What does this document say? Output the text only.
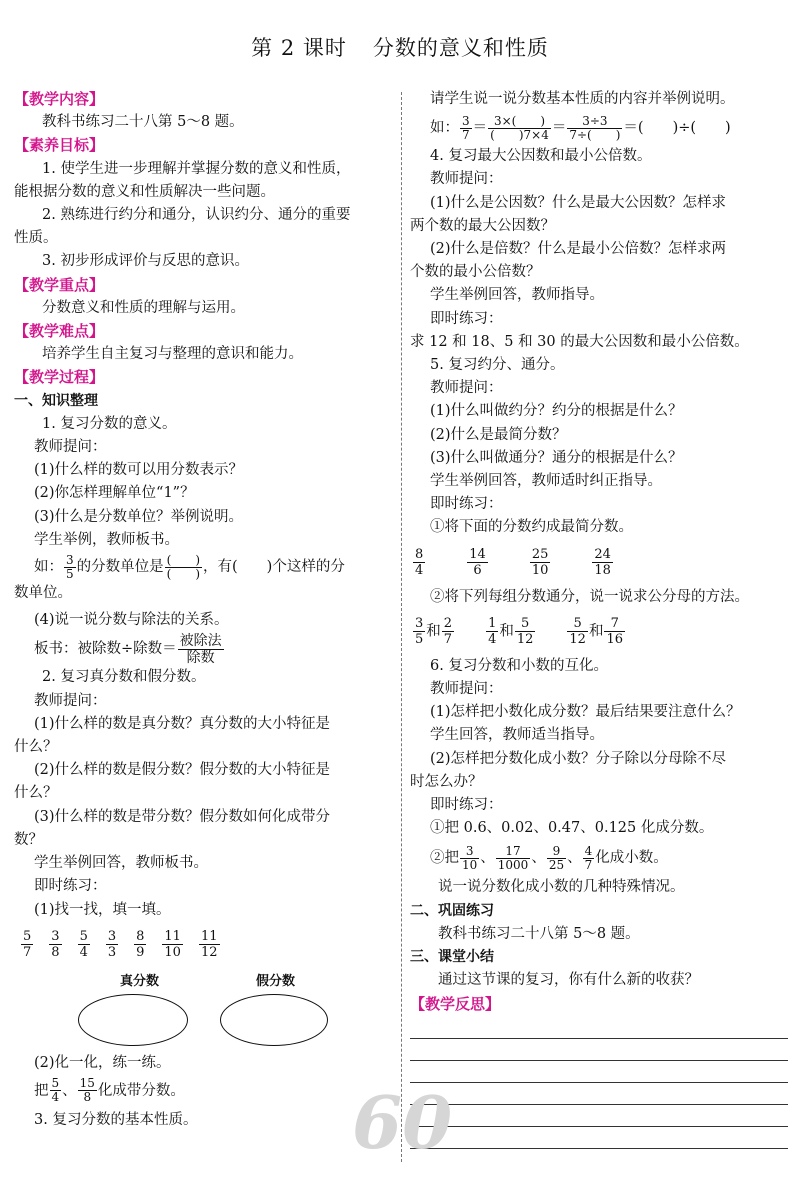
第 2 课时 分数的意义和性质
【教学内容】
教科书练习二十八第 5～8 题。
【素养目标】
1. 使学生进一步理解并掌握分数的意义和性质，
能根据分数的意义和性质解决一些问题。
2. 熟练进行约分和通分，认识约分、通分的重要
性质。
3. 初步形成评价与反思的意识。
【教学重点】
分数意义和性质的理解与运用。
【教学难点】
培养学生自主复习与整理的意识和能力。
【教学过程】
一、知识整理
1. 复习分数的意义。
教师提问：
(1)什么样的数可以用分数表示？
(2)你怎样理解单位“1”？
(3)什么是分数单位？举例说明。
学生举例，教师板书。
如： $\frac{3}{5}$ 的分数单位是 $\frac{( )}{( )}$ ，有(　　)个这样的分
数单位。
(4)说一说分数与除法的关系。
板书：被除数÷除数＝ $\frac{\text{被除法}}{\text{除数}}$
2. 复习真分数和假分数。
教师提问：
(1)什么样的数是真分数？真分数的大小特征是
什么？
(2)什么样的数是假分数？假分数的大小特征是
什么？
(3)什么样的数是带分数？假分数如何化成带分
数？
学生举例回答，教师板书。
即时练习：
(1)找一找，填一填。
$\frac{5}{7} \frac{3}{8} \frac{5}{4} \frac{3}{3} \frac{8}{9} \frac{11}{10} \frac{11}{12}$
真分数	假分数
(2)化一化，练一练。
把 $\frac{5}{4}$ 、 $\frac{15}{8}$ 化成带分数。
3. 复习分数的基本性质。
请学生说一说分数基本性质的内容并举例说明。
如： $\frac{3}{7} = \frac{3\times( )}{( )7\times 4} = \frac{3\div 3}{7\div( )}$ ＝(　　)÷(　　)
4. 复习最大公因数和最小公倍数。
教师提问：
(1)什么是公因数？什么是最大公因数？怎样求
两个数的最大公因数？
(2)什么是倍数？什么是最小公倍数？怎样求两
个数的最小公倍数？
学生举例回答，教师指导。
即时练习：
求 12 和 18、5 和 30 的最大公因数和最小公倍数。
5. 复习约分、通分。
教师提问：
(1)什么叫做约分？约分的根据是什么？
(2)什么是最简分数？
(3)什么叫做通分？通分的根据是什么？
学生举例回答，教师适时纠正指导。
即时练习：
①将下面的分数约成最简分数。
$\frac{8}{4}$	$\frac{14}{6}$	$\frac{25}{10}$	$\frac{24}{18}$
②将下列每组分数通分，说一说求公分母的方法。
$\frac{3}{5}$ 和 $\frac{2}{7} \frac{1}{4}$ 和 $\frac{5}{12} \frac{5}{12}$ 和 $\frac{7}{16}$
6. 复习分数和小数的互化。
教师提问：
(1)怎样把小数化成分数？最后结果要注意什么？
学生回答，教师适当指导。
(2)怎样把分数化成小数？分子除以分母除不尽
时怎么办？
即时练习：
①把 0.6、0.02、0.47、0.125 化成分数。
②把 $\frac{3}{10}$ 、 $\frac{17}{1000}$ 、 $\frac{9}{25}$ 、 $\frac{4}{7}$ 化成小数。
说一说分数化成小数的几种特殊情况。
二、巩固练习
教科书练习二十八第 5～8 题。
三、课堂小结
通过这节课的复习，你有什么新的收获？
【教学反思】
60
